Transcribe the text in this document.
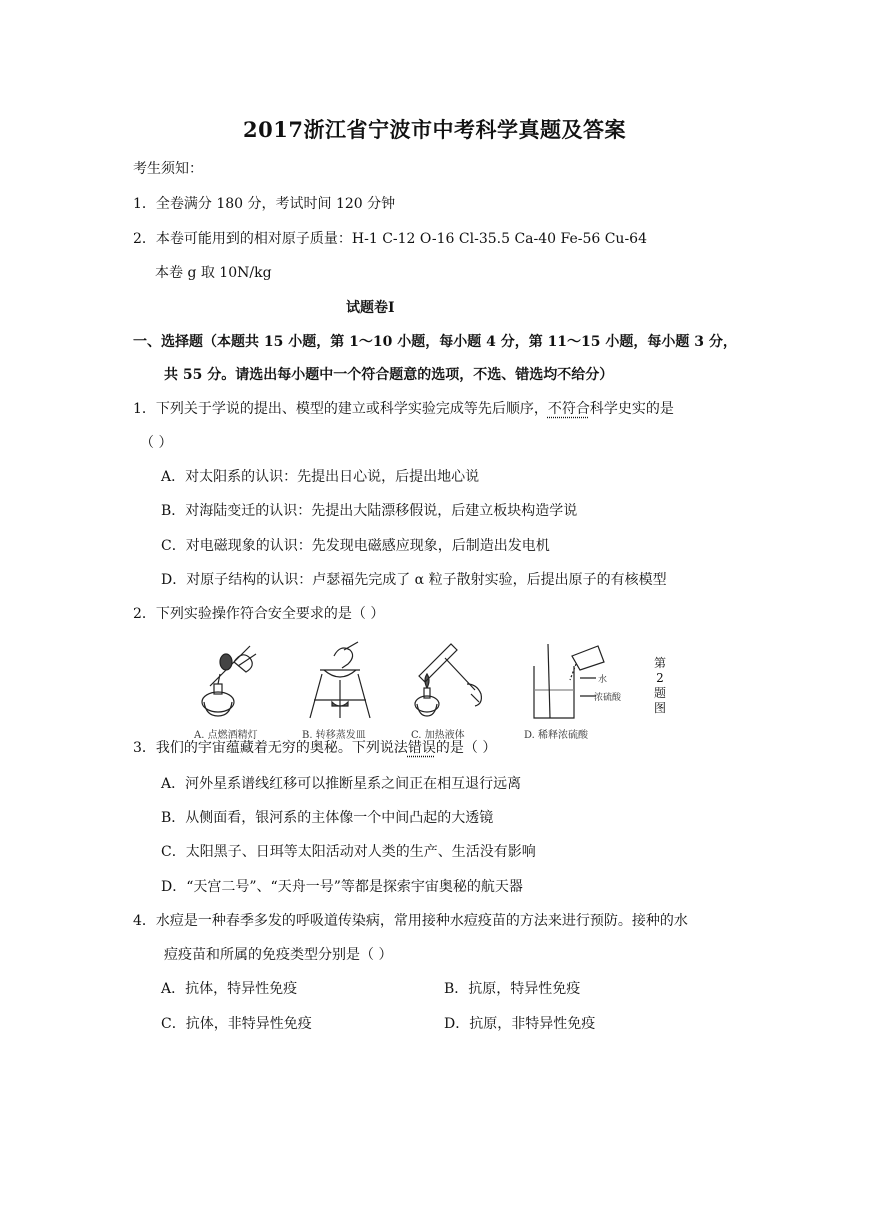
2017浙江省宁波市中考科学真题及答案
考生须知：
1．全卷满分 180 分，考试时间 120 分钟
2．本卷可能用到的相对原子质量：H-1 C-12 O-16 Cl-35.5 Ca-40 Fe-56 Cu-64
本卷 g 取 10N/kg
试题卷Ⅰ
一、选择题（本题共 15 小题，第 1～10 小题，每小题 4 分，第 11～15 小题，每小题 3 分，
共 55 分。请选出每小题中一个符合题意的选项，不选、错选均不给分）
1．下列关于学说的提出、模型的建立或科学实验完成等先后顺序，不符合科学史实的是
（ ）
A．对太阳系的认识：先提出日心说，后提出地心说
B．对海陆变迁的认识：先提出大陆漂移假说，后建立板块构造学说
C．对电磁现象的认识：先发现电磁感应现象，后制造出发电机
D．对原子结构的认识：卢瑟福先完成了 α 粒子散射实验，后提出原子的有核模型
2．下列实验操作符合安全要求的是（ ）
A. 点燃酒精灯	B. 转移蒸发皿	C. 加热液体
水
浓硫酸
D. 稀释浓硫酸
第
2
题
图
3．我们的宇宙蕴藏着无穷的奥秘。下列说法错误的是（ ）
A．河外星系谱线红移可以推断星系之间正在相互退行远离
B．从侧面看，银河系的主体像一个中间凸起的大透镜
C．太阳黑子、日珥等太阳活动对人类的生产、生活没有影响
D．“天宫二号”、“天舟一号”等都是探索宇宙奥秘的航天器
4．水痘是一种春季多发的呼吸道传染病，常用接种水痘疫苗的方法来进行预防。接种的水
痘疫苗和所属的免疫类型分别是（ ）
A．抗体，特异性免疫	B．抗原，特异性免疫
C．抗体，非特异性免疫	D．抗原，非特异性免疫
